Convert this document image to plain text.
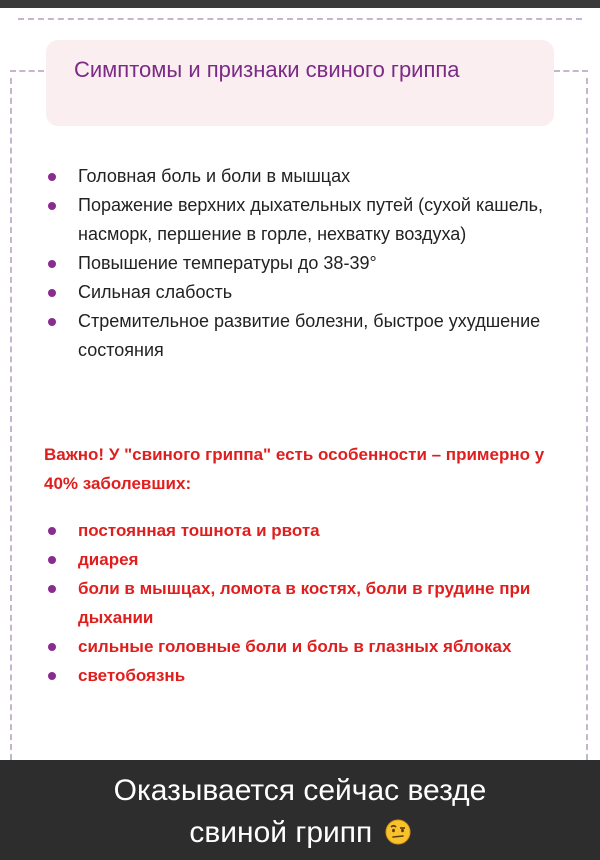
Симптомы и признаки свиного гриппа
Головная боль и боли в мышцах
Поражение верхних дыхательных путей (сухой кашель, насморк, першение в горле, нехватку воздуха)
Повышение температуры до 38-39°
Сильная слабость
Стремительное развитие болезни, быстрое ухудшение состояния
Важно! У "свиного гриппа" есть особенности – примерно у 40% заболевших:
постоянная тошнота и рвота
диарея
боли в мышцах, ломота в костях, боли в грудине при дыхании
сильные головные боли и боль в глазных яблоках
светобоязнь
Оказывается сейчас везде
свиной грипп
